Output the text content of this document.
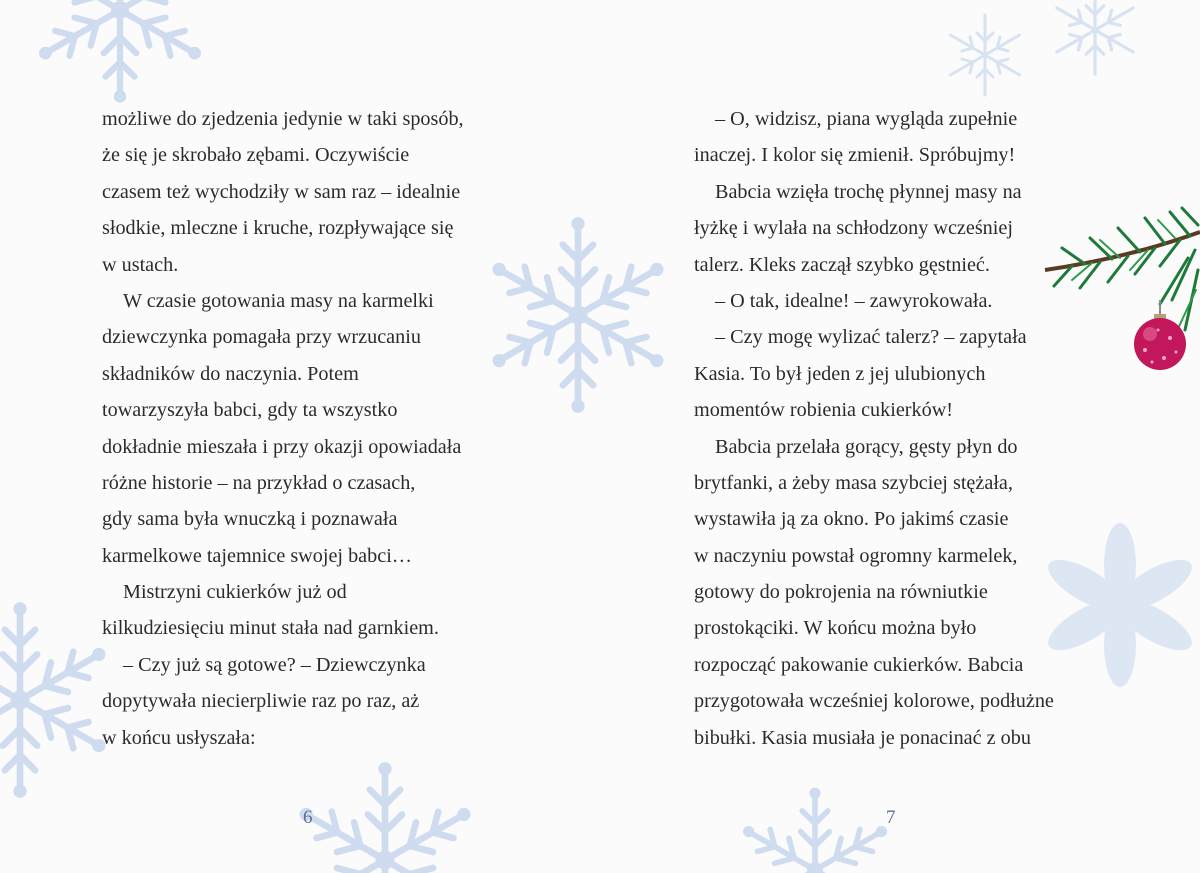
możliwe do zjedzenia jedynie w taki sposób,
że się je skrobało zębami. Oczywiście
czasem też wychodziły w sam raz – idealnie
słodkie, mleczne i kruche, rozpływające się
w ustach.
W czasie gotowania masy na karmelki
dziewczynka pomagała przy wrzucaniu
składników do naczynia. Potem
towarzyszyła babci, gdy ta wszystko
dokładnie mieszała i przy okazji opowiadała
różne historie – na przykład o czasach,
gdy sama była wnuczką i poznawała
karmelkowe tajemnice swojej babci…
Mistrzyni cukierków już od
kilkudziesięciu minut stała nad garnkiem.
– Czy już są gotowe? – Dziewczynka
dopytywała niecierpliwie raz po raz, aż
w końcu usłyszała:
– O, widzisz, piana wygląda zupełnie
inaczej. I kolor się zmienił. Spróbujmy!
Babcia wzięła trochę płynnej masy na
łyżkę i wylała na schłodzony wcześniej
talerz. Kleks zaczął szybko gęstnieć.
– O tak, idealne! – zawyrokowała.
– Czy mogę wylizać talerz? – zapytała
Kasia. To był jeden z jej ulubionych
momentów robienia cukierków!
Babcia przelała gorący, gęsty płyn do
brytfanki, a żeby masa szybciej stężała,
wystawiła ją za okno. Po jakimś czasie
w naczyniu powstał ogromny karmelek,
gotowy do pokrojenia na równiutkie
prostokąciki. W końcu można było
rozpocząć pakowanie cukierków. Babcia
przygotowała wcześniej kolorowe, podłużne
bibułki. Kasia musiała je ponacinać z obu
6	7
